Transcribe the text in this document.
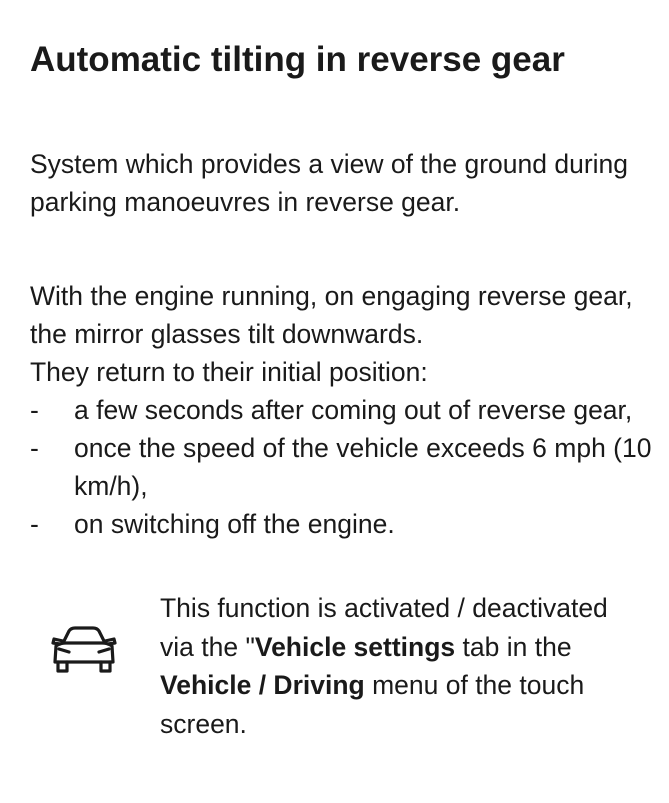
Automatic tilting in reverse gear

System which provides a view of the ground during parking manoeuvres in reverse gear.

With the engine running, on engaging reverse gear, the mirror glasses tilt downwards.
They return to their initial position:

- a few seconds after coming out of reverse gear,
- once the speed of the vehicle exceeds 6 mph (10 km/h),
- on switching off the engine.

This function is activated / deactivated via the "Vehicle settings tab in the Vehicle / Driving menu of the touch screen.
